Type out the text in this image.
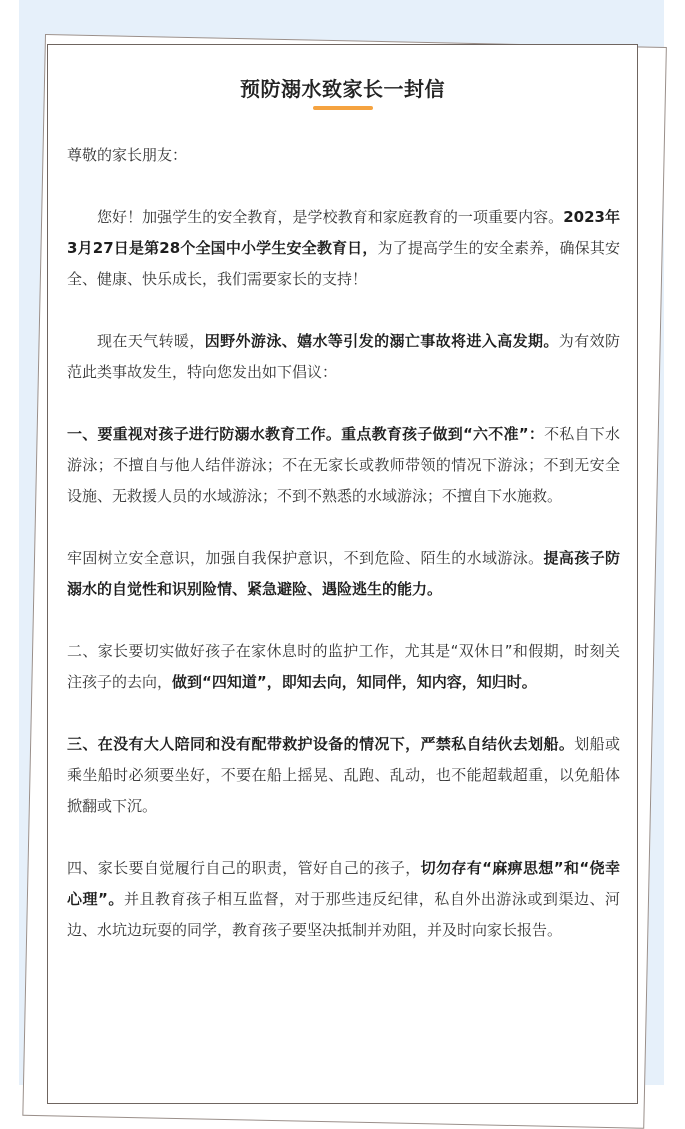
预防溺水致家长一封信

尊敬的家长朋友：

您好！加强学生的安全教育，是学校教育和家庭教育的一项重要内容。2023年3月27日是第28个全国中小学生安全教育日，为了提高学生的安全素养，确保其安全、健康、快乐成长，我们需要家长的支持！

现在天气转暖，因野外游泳、嬉水等引发的溺亡事故将进入高发期。为有效防范此类事故发生，特向您发出如下倡议：

一、要重视对孩子进行防溺水教育工作。重点教育孩子做到“六不准”：不私自下水游泳；不擅自与他人结伴游泳；不在无家长或教师带领的情况下游泳；不到无安全设施、无救援人员的水域游泳；不到不熟悉的水域游泳；不擅自下水施救。

牢固树立安全意识，加强自我保护意识，不到危险、陌生的水域游泳。提高孩子防溺水的自觉性和识别险情、紧急避险、遇险逃生的能力。

二、家长要切实做好孩子在家休息时的监护工作，尤其是“双休日”和假期，时刻关注孩子的去向，做到“四知道”，即知去向，知同伴，知内容，知归时。

三、在没有大人陪同和没有配带救护设备的情况下，严禁私自结伙去划船。划船或乘坐船时必须要坐好，不要在船上摇晃、乱跑、乱动，也不能超载超重，以免船体掀翻或下沉。

四、家长要自觉履行自己的职责，管好自己的孩子，切勿存有“麻痹思想”和“侥幸心理”。并且教育孩子相互监督，对于那些违反纪律，私自外出游泳或到渠边、河边、水坑边玩耍的同学，教育孩子要坚决抵制并劝阻，并及时向家长报告。
